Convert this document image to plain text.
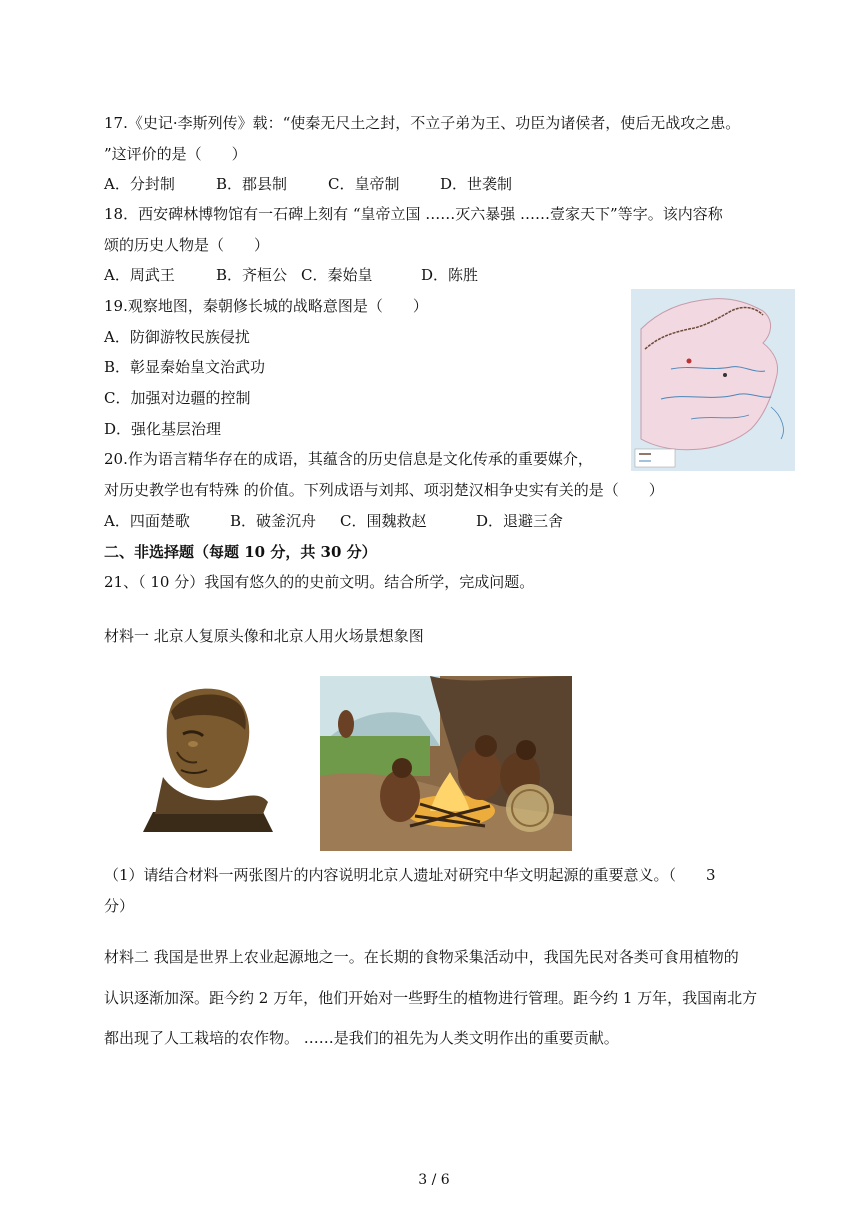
17.《史记·李斯列传》载：“使秦无尺土之封，不立子弟为王、功臣为诸侯者，使后无战攻之患。
”这评价的是（　　）
A．分封制	B．郡县制	C．皇帝制	D．世袭制
18．西安碑林博物馆有一石碑上刻有 “皇帝立国 ……灭六暴强 ……壹家天下”等字。该内容称
颂的历史人物是（　　）
A．周武王	B．齐桓公 C．秦始皇	D．陈胜
19.观察地图，秦朝修长城的战略意图是（　　）
A．防御游牧民族侵扰
B．彰显秦始皇文治武功
C．加强对边疆的控制
D．强化基层治理
20.作为语言精华存在的成语，其蕴含的历史信息是文化传承的重要媒介，
对历史教学也有特殊 的价值。下列成语与刘邦、项羽楚汉相争史实有关的是（　　）
A．四面楚歌	B．破釜沉舟 C．围魏救赵	D．退避三舍
二、非选择题（每题 10 分，共 30 分）
21、（ 10 分）我国有悠久的的史前文明。结合所学，完成问题。
材料一 北京人复原头像和北京人用火场景想象图
（1）请结合材料一两张图片的内容说明北京人遗址对研究中华文明起源的重要意义。（　　3
分）
材料二 我国是世界上农业起源地之一。在长期的食物采集活动中，我国先民对各类可食用植物的
认识逐渐加深。距今约 2 万年，他们开始对一些野生的植物进行管理。距今约 1 万年，我国南北方
都出现了人工栽培的农作物。 ……是我们的祖先为人类文明作出的重要贡献。
3 / 6
